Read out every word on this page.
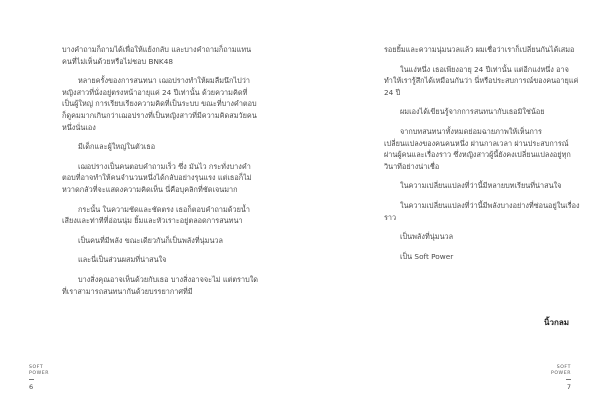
บางคำถามก็ถามได้เพื่อให้แย้งกลับ และบางคำถามก็ถามแทนคนที่ไม่เห็นด้วยหรือไม่ชอบ BNK48

หลายครั้งของการสนทนา เฌอปรางทำให้ผมลืมนึกไปว่าหญิงสาวที่นั่งอยู่ตรงหน้าอายุแค่ 24 ปีเท่านั้น ด้วยความคิดที่เป็นผู้ใหญ่ การเรียบเรียงความคิดที่เป็นระบบ ขณะที่บางคำตอบก็ดูคมมากเกินกว่าเฌอปรางที่เป็นหญิงสาวที่มีความคิดสมวัยคนหนึ่งนั่นเอง

มีเด็กและผู้ใหญ่ในตัวเธอ

เฌอปรางเป็นคนตอบคำถามเร็ว ซึ่ง มันไว กระทั่งบางคำตอบที่อาจทำให้คนจำนวนหนึ่งได้กลับอย่างรุนแรง แต่เธอก็ไม่หวาดกลัวที่จะแสดงความคิดเห็น นี่คือบุคลิกที่ชัดเจนมาก

กระนั้น ในความชัดและชัดตรง เธอก็ตอบคำถามด้วยน้ำเสียงและท่าทีที่อ่อนนุ่ม ยิ้มและหัวเราะอยู่ตลอดการสนทนา

เป็นคนที่มีพลัง ขณะเดียวกันก็เป็นพลังที่นุ่มนวล

และนี่เป็นส่วนผสมที่น่าสนใจ

บางสิ่งคุณอาจเห็นด้วยกับเธอ บางสิ่งอาจจะไม่ แต่ตราบใดที่เราสามารถสนทนากันด้วยบรรยากาศที่มี

SOFT
POWER
6

รอยยิ้มและความนุ่มนวลแล้ว ผมเชื่อว่าเราก็เปลี่ยนกันได้เสมอ

ในแง่หนึ่ง เธอเพียงอายุ 24 ปีเท่านั้น แต่อีกแง่หนึ่ง อาจทำให้เรารู้สึกได้เหมือนกันว่า นี่หรือประสบการณ์ของคนอายุแค่ 24 ปี

ผมเองได้เขียนรู้จากการสนทนากับเธอมิใช่น้อย

จากบทสนทนาทั้งหมดย่อมฉายภาพให้เห็นการเปลี่ยนแปลงของคนคนหนึ่ง ผ่านกาลเวลา ผ่านประสบการณ์ ผ่านผู้คนและเรื่องราว ซึ่งหญิงสาวผู้นี้ยังคงเปลี่ยนแปลงอยู่ทุกวินาทีอย่างน่าเชื่อ

ในความเปลี่ยนแปลงที่ว่านี้มีหลายบทเรียนที่น่าสนใจ

ในความเปลี่ยนแปลงที่ว่านี้มีพลังบางอย่างที่ซ่อนอยู่ในเรื่องราว

เป็นพลังที่นุ่มนวล

เป็น Soft Power

นิ้วกลม
SOFT
POWER
7
